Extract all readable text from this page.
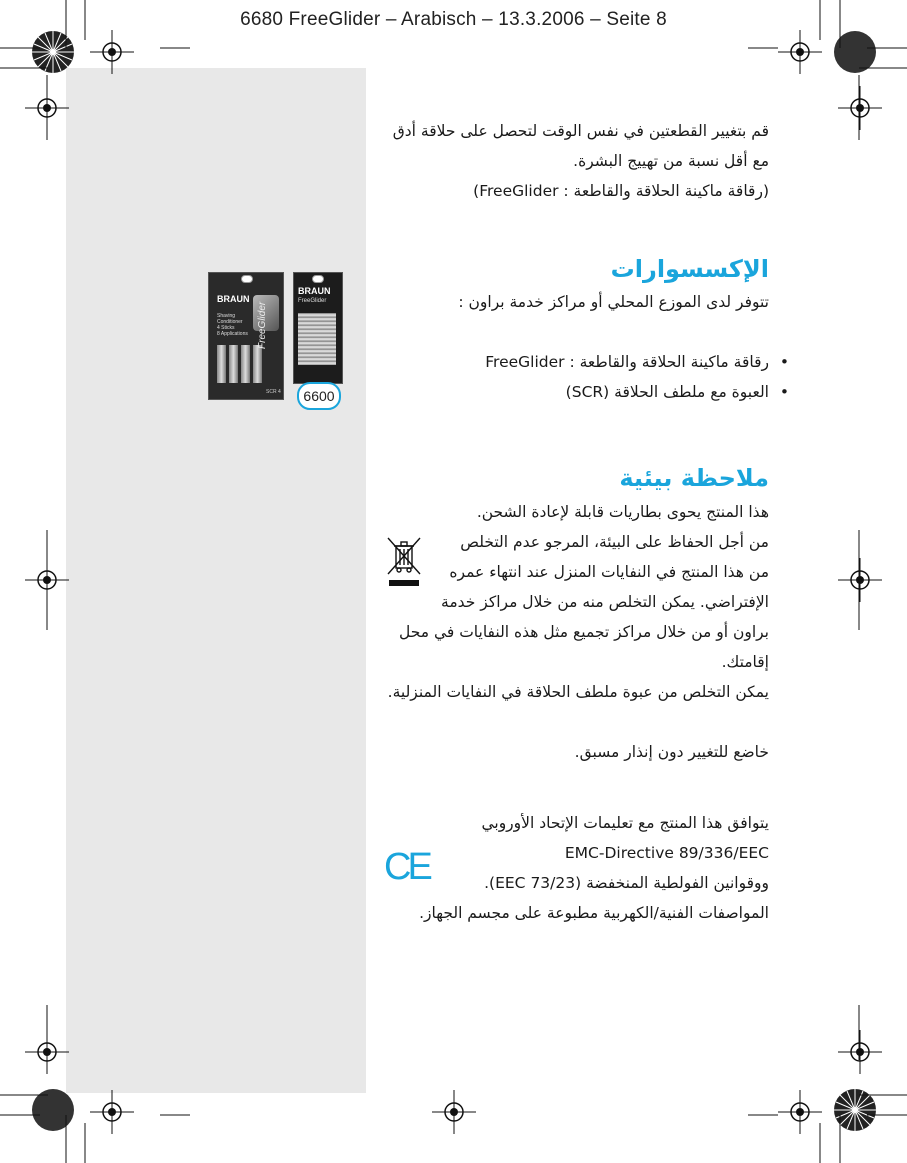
6680 FreeGlider – Arabisch – 13.3.2006 – Seite 8
BRAUN
Shaving
Conditioner
4 Sticks
8 Applications
SCR 4
BRAUN
FreeGlider
6600
قم بتغيير القطعتين في نفس الوقت لتحصل على حلاقة أدق
مع أقل نسبة من تهييج البشرة.
(رقاقة ماكينة الحلاقة والقاطعة : FreeGlider)
الإكسسوارات
تتوفر لدى الموزع المحلي أو مراكز خدمة براون :
رقاقة ماكينة الحلاقة والقاطعة : FreeGlider •
العبوة مع ملطف الحلاقة (SCR) •
ملاحظة بيئية
هذا المنتج يحوى بطاريات قابلة لإعادة الشحن.
من أجل الحفاظ على البيئة، المرجو عدم التخلص
من هذا المنتج في النفايات المنزل عند انتهاء عمره
الإفتراضي. يمكن التخلص منه من خلال مراكز خدمة
براون أو من خلال مراكز تجميع مثل هذه النفايات في محل
إقامتك.
يمكن التخلص من عبوة ملطف الحلاقة في النفايات المنزلية.
خاضع للتغيير دون إنذار مسبق.
يتوافق هذا المنتج مع تعليمات الإتحاد الأوروبي
EMC-Directive 89/336/EEC
ووقوانين الفولطية المنخفضة (73/23 EEC).
المواصفات الفنية/الكهربية مطبوعة على مجسم الجهاز.
CE
